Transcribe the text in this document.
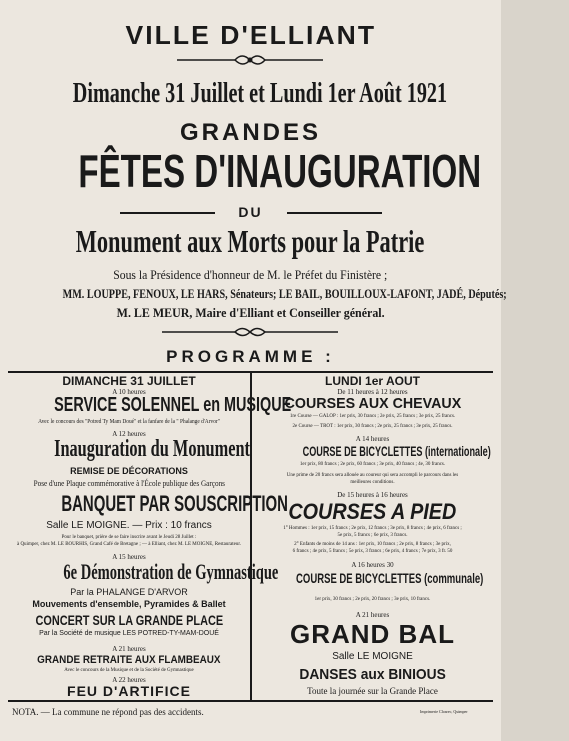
VILLE D'ELLIANT
Dimanche 31 Juillet et Lundi 1er Août 1921
GRANDES
FÊTES D'INAUGURATION
DU
Monument aux Morts pour la Patrie
Sous la Présidence d'honneur de M. le Préfet du Finistère ;
MM. LOUPPE, FENOUX, LE HARS, Sénateurs; LE BAIL, BOUILLOUX-LAFONT, JADÉ, Députés;
M. LE MEUR, Maire d'Elliant et Conseiller général.
PROGRAMME :
DIMANCHE 31 JUILLET
A 10 heures
SERVICE SOLENNEL en MUSIQUE
Avec le concours des "Potred Ty Mam Doué" et la fanfare de la " Phalange d'Arvor"
A 12 heures
Inauguration du Monument
REMISE DE DÉCORATIONS
Pose d'une Plaque commémorative à l'École publique des Garçons
BANQUET PAR SOUSCRIPTION
Salle LE MOIGNE. — Prix : 10 francs
Pour le banquet, prière de se faire inscrire avant le Jeudi 28 Juillet :
à Quimper, chez M. LE BOURHIS, Grand Café de Bretagne ; — à Elliant, chez M. LE MOIGNE, Restaurateur.
A 15 heures
6e Démonstration de Gymnastique
Par la PHALANGE D'ARVOR
Mouvements d'ensemble, Pyramides & Ballet
CONCERT SUR LA GRANDE PLACE
Par la Société de musique LES POTRED-TY-MAM-DOUÉ
A 21 heures
GRANDE RETRAITE AUX FLAMBEAUX
Avec le concours de la Musique et de la Société de Gymnastique
A 22 heures
FEU D'ARTIFICE
LUNDI 1er AOUT
De 11 heures à 12 heures
COURSES AUX CHEVAUX
1re Course — GALOP : 1er prix, 30 francs ; 2e prix, 25 francs ; 3e prix, 25 francs.
2e Course — TROT : 1er prix, 30 francs ; 2e prix, 25 francs ; 3e prix, 25 francs.
A 14 heures
COURSE DE BICYCLETTES (internationale)
1er prix, 80 francs ; 2e prix, 60 francs ; 3e prix, 40 francs ; 4e, 30 francs.
Une prime de 20 francs sera allouée au coureur qui sera accompli le parcours dans les
meilleures conditions.
De 15 heures à 16 heures
COURSES A PIED
1° Hommes : 1er prix, 15 francs ; 2e prix, 12 francs ; 3e prix, 8 francs ; 4e prix, 6 francs ;
5e prix, 5 francs ; 6e prix, 3 francs.
2° Enfants de moins de 14 ans : 1er prix, 10 francs ; 2e prix, 8 francs ; 3e prix,
6 francs ; 4e prix, 5 francs ; 5e prix, 3 francs ; 6e prix, 4 francs ; 7e prix, 3 fr. 50
A 16 heures 30
COURSE DE BICYCLETTES (communale)
1er prix, 30 francs ; 2e prix, 20 francs ; 3e prix, 10 francs.
A 21 heures
GRAND BAL
Salle LE MOIGNE
DANSES aux BINIOUS
Toute la journée sur la Grande Place
NOTA. — La commune ne répond pas des accidents.	Imprimerie Cloarec, Quimper
